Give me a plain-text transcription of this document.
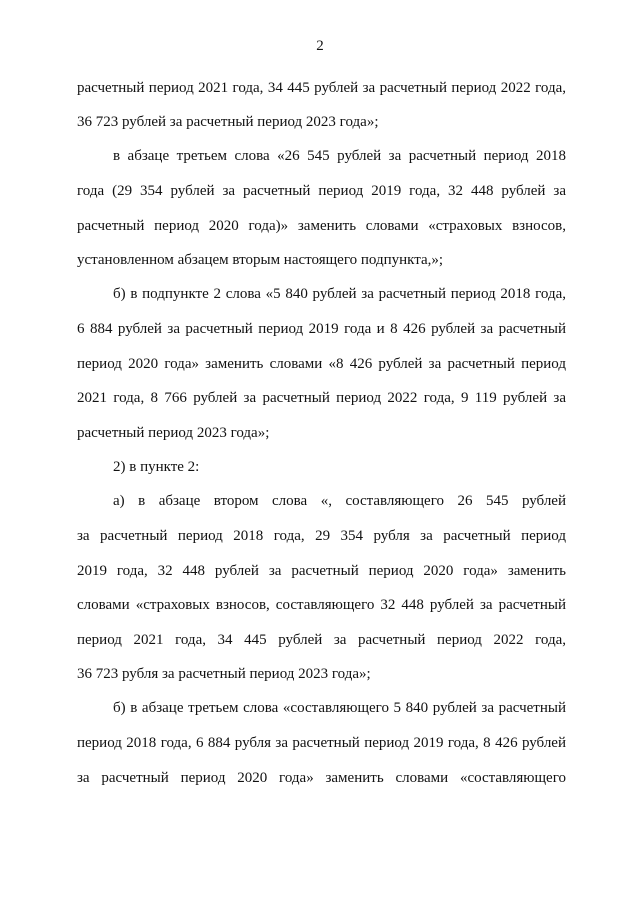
2
расчетный период 2021 года, 34 445 рублей за расчетный период 2022 года,
36 723 рублей за расчетный период 2023 года»;
в абзаце третьем слова «26 545 рублей за расчетный период 2018
года (29 354 рублей за расчетный период 2019 года, 32 448 рублей за
расчетный период 2020 года)» заменить словами «страховых взносов,
установленном абзацем вторым настоящего подпункта,»;
б) в подпункте 2 слова «5 840 рублей за расчетный период 2018 года,
6 884 рублей за расчетный период 2019 года и 8 426 рублей за расчетный
период 2020 года» заменить словами «8 426 рублей за расчетный период
2021 года, 8 766 рублей за расчетный период 2022 года, 9 119 рублей за
расчетный период 2023 года»;
2) в пункте 2:
а) в абзаце втором слова «, составляющего 26 545 рублей
за расчетный период 2018 года, 29 354 рубля за расчетный период
2019 года, 32 448 рублей за расчетный период 2020 года» заменить
словами «страховых взносов, составляющего 32 448 рублей за расчетный
период 2021 года, 34 445 рублей за расчетный период 2022 года,
36 723 рубля за расчетный период 2023 года»;
б) в абзаце третьем слова «составляющего 5 840 рублей за расчетный
период 2018 года, 6 884 рубля за расчетный период 2019 года, 8 426 рублей
за расчетный период 2020 года» заменить словами «составляющего
